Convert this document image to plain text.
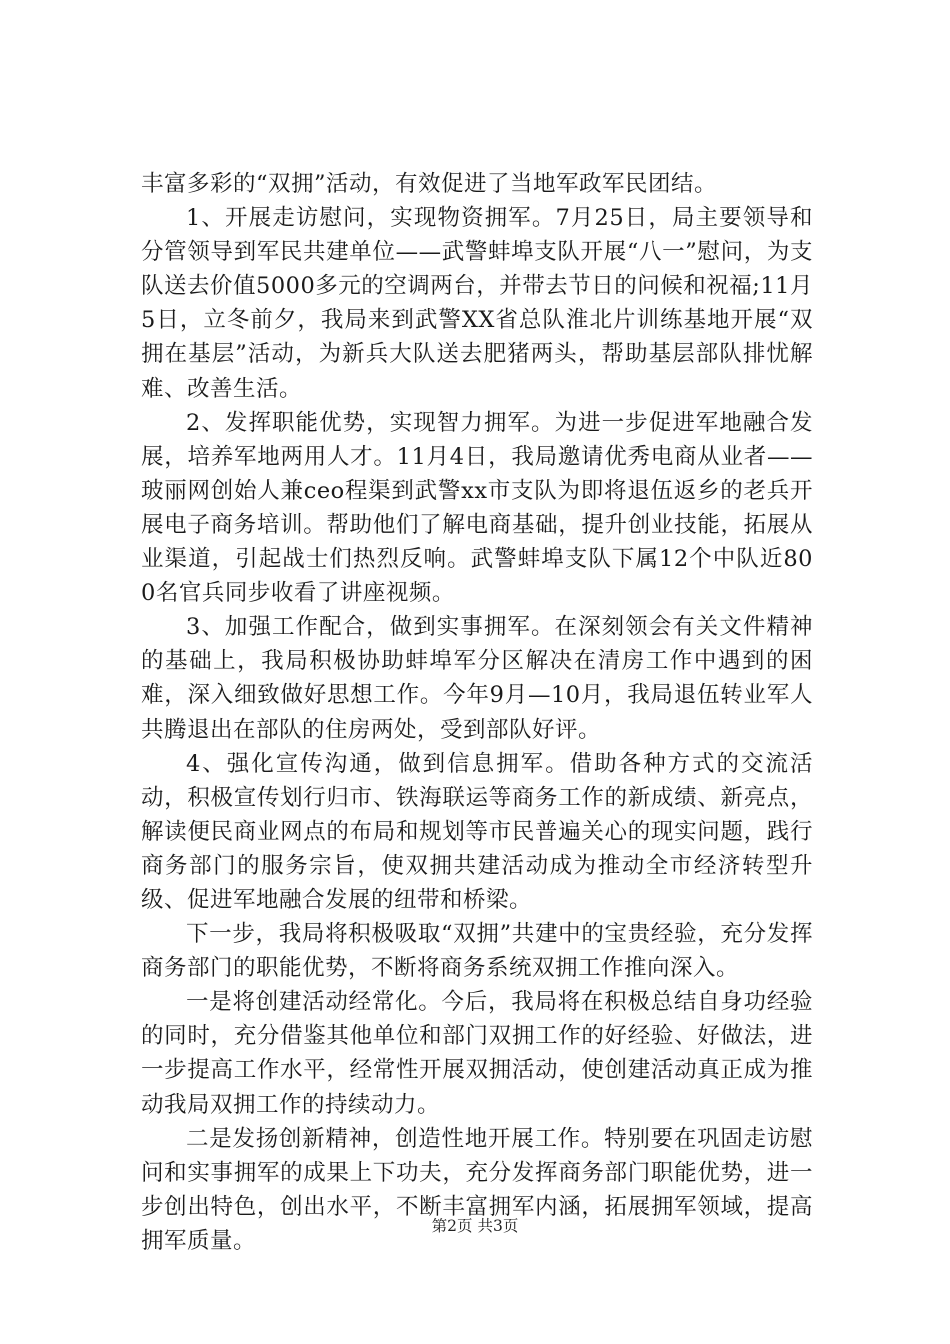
丰富多彩的“双拥”活动，有效促进了当地军政军民团结。

1、开展走访慰问，实现物资拥军。7月25日，局主要领导和分管领导到军民共建单位——武警蚌埠支队开展“八一”慰问，为支队送去价值5000多元的空调两台，并带去节日的问候和祝福;11月5日，立冬前夕，我局来到武警XX省总队淮北片训练基地开展“双拥在基层”活动，为新兵大队送去肥猪两头，帮助基层部队排忧解难、改善生活。

2、发挥职能优势，实现智力拥军。为进一步促进军地融合发展，培养军地两用人才。11月4日，我局邀请优秀电商从业者——玻丽网创始人兼ceo程渠到武警xx市支队为即将退伍返乡的老兵开展电子商务培训。帮助他们了解电商基础，提升创业技能，拓展从业渠道，引起战士们热烈反响。武警蚌埠支队下属12个中队近800名官兵同步收看了讲座视频。

3、加强工作配合，做到实事拥军。在深刻领会有关文件精神的基础上，我局积极协助蚌埠军分区解决在清房工作中遇到的困难，深入细致做好思想工作。今年9月—10月，我局退伍转业军人共腾退出在部队的住房两处，受到部队好评。

4、强化宣传沟通，做到信息拥军。借助各种方式的交流活动，积极宣传划行归市、铁海联运等商务工作的新成绩、新亮点，解读便民商业网点的布局和规划等市民普遍关心的现实问题，践行商务部门的服务宗旨，使双拥共建活动成为推动全市经济转型升级、促进军地融合发展的纽带和桥梁。

下一步，我局将积极吸取“双拥”共建中的宝贵经验，充分发挥商务部门的职能优势，不断将商务系统双拥工作推向深入。

一是将创建活动经常化。今后，我局将在积极总结自身功经验的同时，充分借鉴其他单位和部门双拥工作的好经验、好做法，进一步提高工作水平，经常性开展双拥活动，使创建活动真正成为推动我局双拥工作的持续动力。

二是发扬创新精神，创造性地开展工作。特别要在巩固走访慰问和实事拥军的成果上下功夫，充分发挥商务部门职能优势，进一步创出特色，创出水平，不断丰富拥军内涵，拓展拥军领域，提高拥军质量。

第2页 共3页
